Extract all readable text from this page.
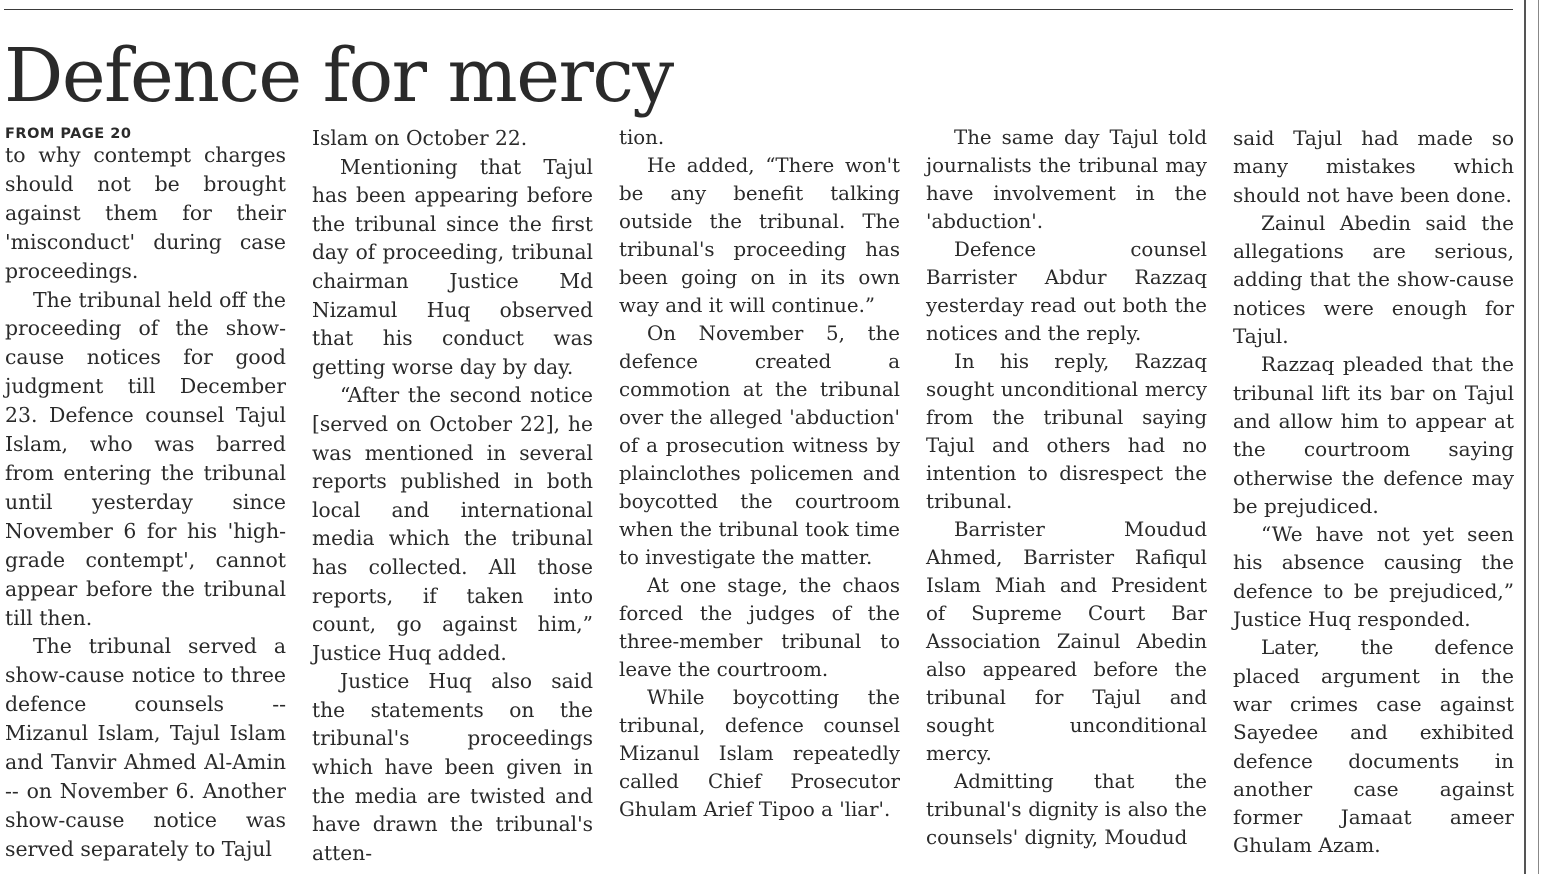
Defence for mercy
FROM PAGE 20

to why contempt charges should not be brought against them for their 'misconduct' during case proceedings.

The tribunal held off the proceeding of the show-cause notices for good judgment till December 23. Defence counsel Tajul Islam, who was barred from entering the tribunal until yesterday since November 6 for his 'high-grade contempt', cannot appear before the tribunal till then.

The tribunal served a show-cause notice to three defence counsels -- Mizanul Islam, Tajul Islam and Tanvir Ahmed Al-Amin -- on November 6. Another show-cause notice was served separately to Tajul

Islam on October 22.

Mentioning that Tajul has been appearing before the tribunal since the first day of proceeding, tribunal chairman Justice Md Nizamul Huq observed that his conduct was getting worse day by day.

“After the second notice [served on October 22], he was mentioned in several reports published in both local and international media which the tribunal has collected. All those reports, if taken into count, go against him,” Justice Huq added.

Justice Huq also said the statements on the tribunal's proceedings which have been given in the media are twisted and have drawn the tribunal's atten-

tion.

He added, “There won't be any benefit talking outside the tribunal. The tribunal's proceeding has been going on in its own way and it will continue.”

On November 5, the defence created a commotion at the tribunal over the alleged 'abduction' of a prosecution witness by plainclothes policemen and boycotted the courtroom when the tribunal took time to investigate the matter.

At one stage, the chaos forced the judges of the three-member tribunal to leave the courtroom.

While boycotting the tribunal, defence counsel Mizanul Islam repeatedly called Chief Prosecutor Ghulam Arief Tipoo a 'liar'.

The same day Tajul told journalists the tribunal may have involvement in the 'abduction'.

Defence counsel Barrister Abdur Razzaq yesterday read out both the notices and the reply.

In his reply, Razzaq sought unconditional mercy from the tribunal saying Tajul and others had no intention to disrespect the tribunal.

Barrister Moudud Ahmed, Barrister Rafiqul Islam Miah and President of Supreme Court Bar Association Zainul Abedin also appeared before the tribunal for Tajul and sought unconditional mercy.

Admitting that the tribunal's dignity is also the counsels' dignity, Moudud

said Tajul had made so many mistakes which should not have been done.

Zainul Abedin said the allegations are serious, adding that the show-cause notices were enough for Tajul.

Razzaq pleaded that the tribunal lift its bar on Tajul and allow him to appear at the courtroom saying otherwise the defence may be prejudiced.

“We have not yet seen his absence causing the defence to be prejudiced,” Justice Huq responded.

Later, the defence placed argument in the war crimes case against Sayedee and exhibited defence documents in another case against former Jamaat ameer Ghulam Azam.
